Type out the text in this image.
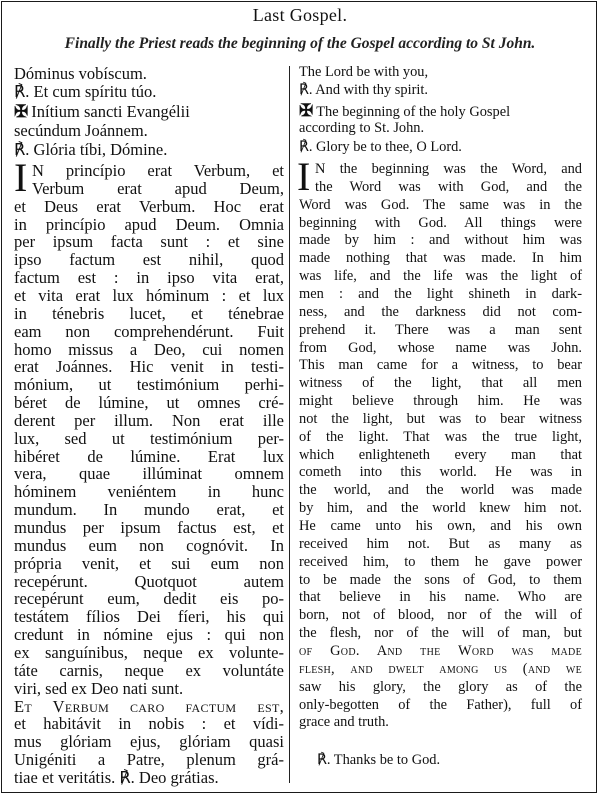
Last Gospel.
Finally the Priest reads the beginning of the Gospel according to St John.
Dóminus vobíscum.
℟. Et cum spíritu túo.
✠ Inítium sancti Evangélii
secúndum Joánnem.
℟. Glória tíbi, Dómine.
I N princípio erat Verbum, et
Verbum erat apud Deum,
et Deus erat Verbum. Hoc erat
in princípio apud Deum. Omnia
per ipsum facta sunt : et sine
ipso factum est nihil, quod
factum est : in ipso vita erat,
et vita erat lux hóminum : et lux
in ténebris lucet, et ténebrae
eam non comprehendérunt. Fuit
homo missus a Deo, cui nomen
erat Joánnes. Hic venit in testi-
mónium, ut testimónium perhi-
béret de lúmine, ut omnes cré-
derent per illum. Non erat ille
lux, sed ut testimónium per-
hibéret de lúmine. Erat lux
vera, quae illúminat omnem
hóminem veniéntem in hunc
mundum. In mundo erat, et
mundus per ipsum factus est, et
mundus eum non cognóvit. In
própria venit, et sui eum non
recepérunt. Quotquot autem
recepérunt eum, dedit eis po-
testátem fílios Dei fíeri, his qui
credunt in nómine ejus : qui non
ex sanguínibus, neque ex volunte-
táte carnis, neque ex voluntáte
viri, sed ex Deo nati sunt.
Et Verbum caro factum est,
et habitávit in nobis : et vídi-
mus glóriam ejus, glóriam quasi
Unigéniti a Patre, plenum grá-
tiae et veritátis. ℟. Deo grátias.
The Lord be with you,
℟. And with thy spirit.
✠ The beginning of the holy Gospel
according to St. John.
℟. Glory be to thee, O Lord.
I N the beginning was the Word, and
the Word was with God, and the
Word was God. The same was in the
beginning with God. All things were
made by him : and without him was
made nothing that was made. In him
was life, and the life was the light of
men : and the light shineth in dark-
ness, and the darkness did not com-
prehend it. There was a man sent
from God, whose name was John.
This man came for a witness, to bear
witness of the light, that all men
might believe through him. He was
not the light, but was to bear witness
of the light. That was the true light,
which enlighteneth every man that
cometh into this world. He was in
the world, and the world was made
by him, and the world knew him not.
He came unto his own, and his own
received him not. But as many as
received him, to them he gave power
to be made the sons of God, to them
that believe in his name. Who are
born, not of blood, nor of the will of
the flesh, nor of the will of man, but
of God. And the Word was made
flesh, and dwelt among us (and we
saw his glory, the glory as of the
only-begotten of the Father), full of
grace and truth.
℟. Thanks be to God.
